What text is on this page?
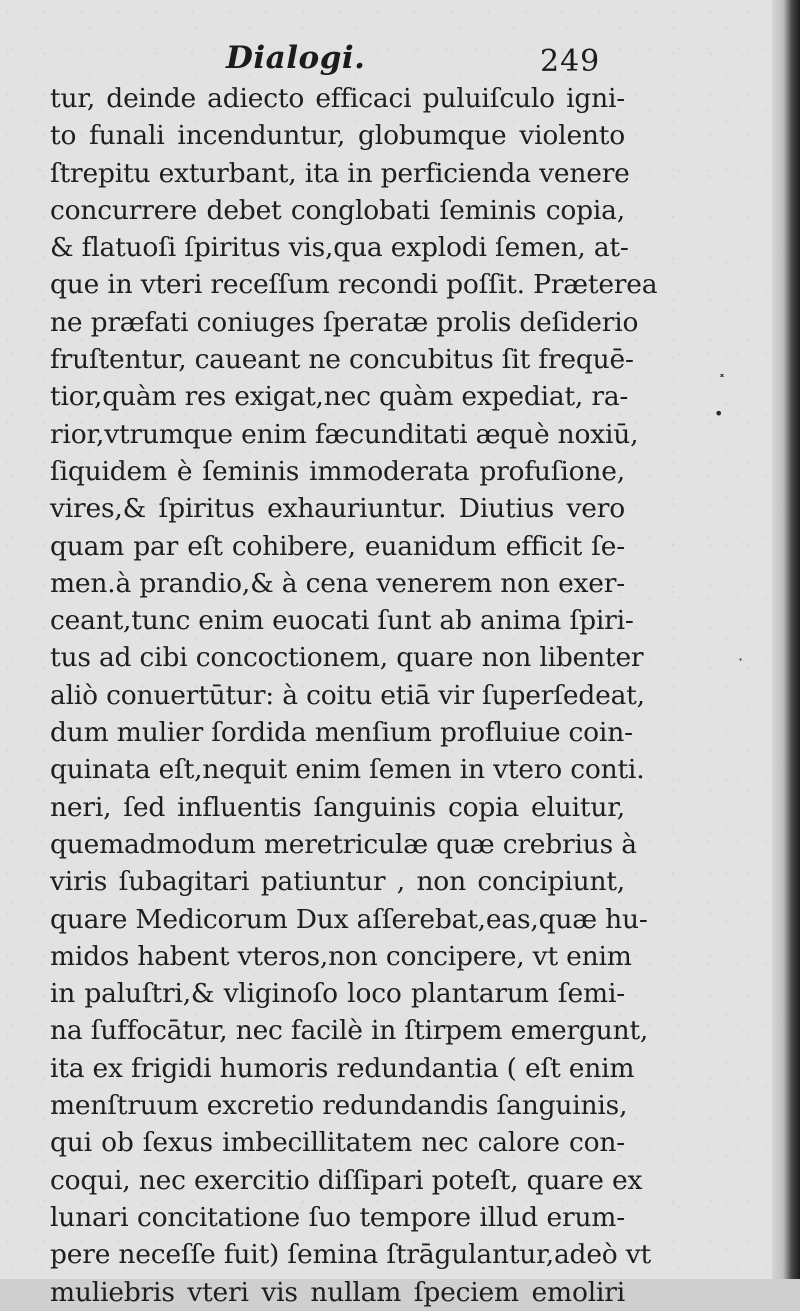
Dialogi.	249
tur, deinde adiecto efficaci puluiſculo igni-
to funali incenduntur, globumque violento
ſtrepitu exturbant, ita in perficienda venere
concurrere debet conglobati ſeminis copia,
& flatuoſi ſpiritus vis,qua explodi ſemen, at-
que in vteri receſſum recondi poſſit. Præterea
ne præfati coniuges ſperatæ prolis deſiderio
fruſtentur, caueant ne concubitus ſit frequē-
tior,quàm res exigat,nec quàm expediat, ra-
rior,vtrumque enim fæcunditati æquè noxiū,
ſiquidem è ſeminis immoderata profuſione,
vires,& ſpiritus exhauriuntur. Diutius vero
quam par eſt cohibere, euanidum efficit ſe-
men.à prandio,& à cena venerem non exer-
ceant,tunc enim euocati ſunt ab anima ſpiri-
tus ad cibi concoctionem, quare non libenter
aliò conuertūtur: à coitu etiā vir ſuperſedeat,
dum mulier ſordida menſium profluiue coin-
quinata eſt,nequit enim ſemen in vtero conti.
neri, ſed influentis ſanguinis copia eluitur,
quemadmodum meretriculæ quæ crebrius à
viris ſubagitari patiuntur , non concipiunt,
quare Medicorum Dux aſſerebat,eas,quæ hu-
midos habent vteros,non concipere, vt enim
in paluſtri,& vliginoſo loco plantarum ſemi-
na ſuffocātur, nec facilè in ſtirpem emergunt,
ita ex frigidi humoris redundantia ( eſt enim
menſtruum excretio redundandis ſanguinis,
qui ob ſexus imbecillitatem nec calore con-
coqui, nec exercitio diſſipari poteſt, quare ex
lunari concitatione ſuo tempore illud erum-
pere neceſſe fuit) ſemina ſtrāgulantur,adeò vt
muliebris vteri vis nullam ſpeciem emoliri
˟
•
·
